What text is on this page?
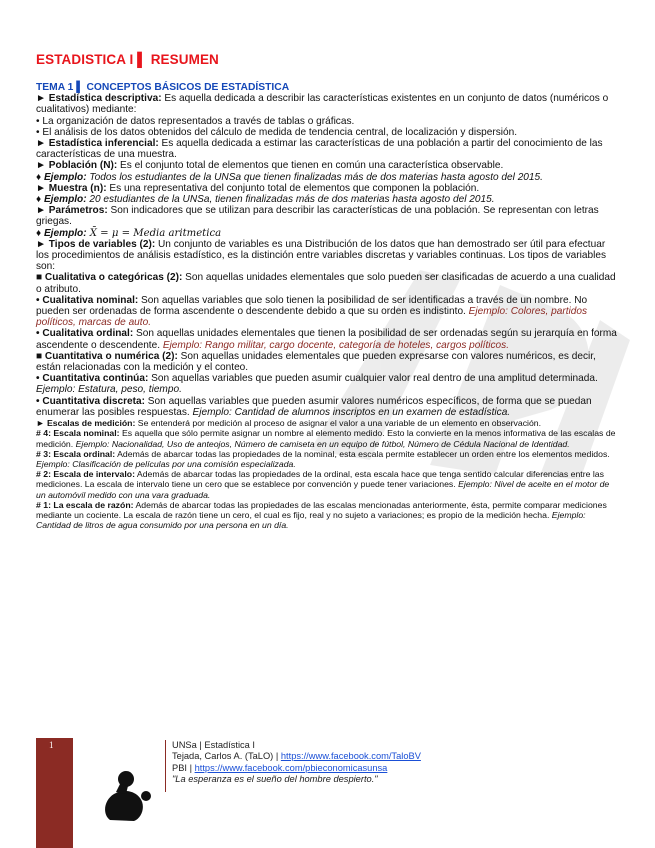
ESTADISTICA I ▌ RESUMEN

TEMA 1 ▌ CONCEPTOS BÁSICOS DE ESTADÍSTICA

► Estadística descriptiva: Es aquella dedicada a describir las características existentes en un conjunto de datos (numéricos o cualitativos) mediante:

• La organización de datos representados a través de tablas o gráficas.

• El análisis de los datos obtenidos del cálculo de medida de tendencia central, de localización y dispersión.

► Estadística inferencial: Es aquella dedicada a estimar las características de una población a partir del conocimiento de las características de una muestra.

► Población (N): Es el conjunto total de elementos que tienen en común una característica observable.

♦ Ejemplo: Todos los estudiantes de la UNSa que tienen finalizadas más de dos materias hasta agosto del 2015.

► Muestra (n): Es una representativa del conjunto total de elementos que componen la población.

♦ Ejemplo: 20 estudiantes de la UNSa, tienen finalizadas más de dos materias hasta agosto del 2015.

► Parámetros: Son indicadores que se utilizan para describir las características de una población. Se representan con letras griegas.

♦ Ejemplo: X̄ = μ = Media aritmetica

► Tipos de variables (2): Un conjunto de variables es una Distribución de los datos que han demostrado ser útil para efectuar los procedimientos de análisis estadístico, es la distinción entre variables discretas y variables continuas. Los tipos de variables son:

■ Cualitativa o categóricas (2): Son aquellas unidades elementales que solo pueden ser clasificadas de acuerdo a una cualidad o atributo.

• Cualitativa nominal: Son aquellas variables que solo tienen la posibilidad de ser identificadas a través de un nombre. No pueden ser ordenadas de forma ascendente o descendente debido a que su orden es indistinto. Ejemplo: Colores, partidos políticos, marcas de auto.

• Cualitativa ordinal: Son aquellas unidades elementales que tienen la posibilidad de ser ordenadas según su jerarquía en forma ascendente o descendente. Ejemplo: Rango militar, cargo docente, categoría de hoteles, cargos políticos.

■ Cuantitativa o numérica (2): Son aquellas unidades elementales que pueden expresarse con valores numéricos, es decir, están relacionadas con la medición y el conteo.

• Cuantitativa continúa: Son aquellas variables que pueden asumir cualquier valor real dentro de una amplitud determinada. Ejemplo: Estatura, peso, tiempo.

• Cuantitativa discreta: Son aquellas variables que pueden asumir valores numéricos específicos, de forma que se puedan enumerar las posibles respuestas. Ejemplo: Cantidad de alumnos inscriptos en un examen de estadística.

► Escalas de medición: Se entenderá por medición al proceso de asignar el valor a una variable de un elemento en observación.

# 4: Escala nominal: Es aquella que sólo permite asignar un nombre al elemento medido. Esto la convierte en la menos informativa de las escalas de medición. Ejemplo: Nacionalidad, Uso de anteojos, Número de camiseta en un equipo de fútbol, Número de Cédula Nacional de Identidad.

# 3: Escala ordinal: Además de abarcar todas las propiedades de la nominal, esta escala permite establecer un orden entre los elementos medidos. Ejemplo: Clasificación de películas por una comisión especializada.

# 2: Escala de intervalo: Además de abarcar todas las propiedades de la ordinal, esta escala hace que tenga sentido calcular diferencias entre las mediciones. La escala de intervalo tiene un cero que se establece por convención y puede tener variaciones. Ejemplo: Nivel de aceite en el motor de un automóvil medido con una vara graduada.

# 1: La escala de razón: Además de abarcar todas las propiedades de las escalas mencionadas anteriormente, ésta, permite comparar mediciones mediante un cociente. La escala de razón tiene un cero, el cual es fijo, real y no sujeto a variaciones; es propio de la medición hecha. Ejemplo: Cantidad de litros de agua consumido por una persona en un día.

1	UNSa | Estadística I
Tejada, Carlos A. (TaLO) | https://www.facebook.com/TaloBV
PBI | https://www.facebook.com/pbieconomicasunsa
"La esperanza es el sueño del hombre despierto."
